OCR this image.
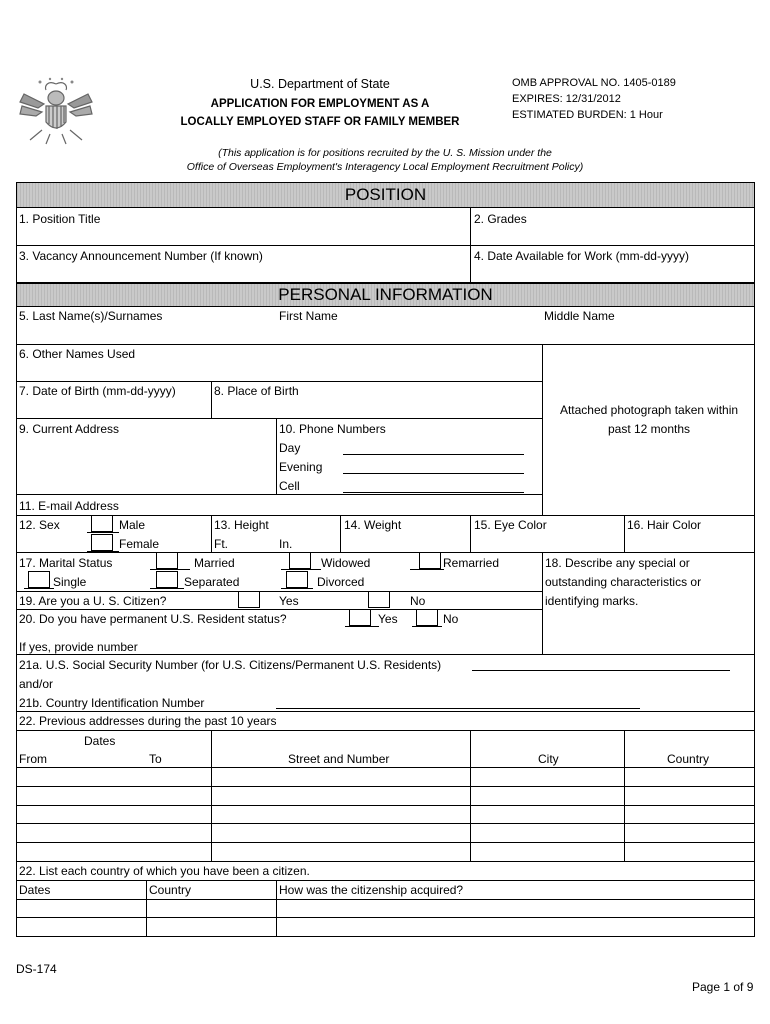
U.S. Department of State
APPLICATION FOR EMPLOYMENT AS A
LOCALLY EMPLOYED STAFF OR FAMILY MEMBER
OMB APPROVAL NO. 1405-0189
EXPIRES: 12/31/2012
ESTIMATED BURDEN: 1 Hour
(This application is for positions recruited by the U. S. Mission under the
Office of Overseas Employment's Interagency Local Employment Recruitment Policy)
POSITION
1. Position Title	2. Grades
3. Vacancy Announcement Number (If known)	4. Date Available for Work (mm-dd-yyyy)
PERSONAL INFORMATION
5. Last Name(s)/Surnames	First Name	Middle Name
6. Other Names Used
7. Date of Birth (mm-dd-yyyy)	8. Place of Birth
Attached photograph taken within
past 12 months
9. Current Address	10. Phone Numbers
Day
Evening
Cell
11. E-mail Address
12. Sex	Male
Female
13. Height
Ft.	In.
14. Weight	15. Eye Color	16. Hair Color
17. Marital Status	Married	Widowed	Remarried	18. Describe any special or
Single	Separated	Divorced	outstanding characteristics or
19. Are you a U. S. Citizen?	Yes	No	identifying marks.
20. Do you have permanent U.S. Resident status?	Yes	No
If yes, provide number
21a. U.S. Social Security Number (for U.S. Citizens/Permanent U.S. Residents)
and/or
21b. Country Identification Number
22. Previous addresses during the past 10 years
Dates
From	To	Street and Number	City	Country
22. List each country of which you have been a citizen.
Dates	Country	How was the citizenship acquired?
DS-174
Page 1 of 9
